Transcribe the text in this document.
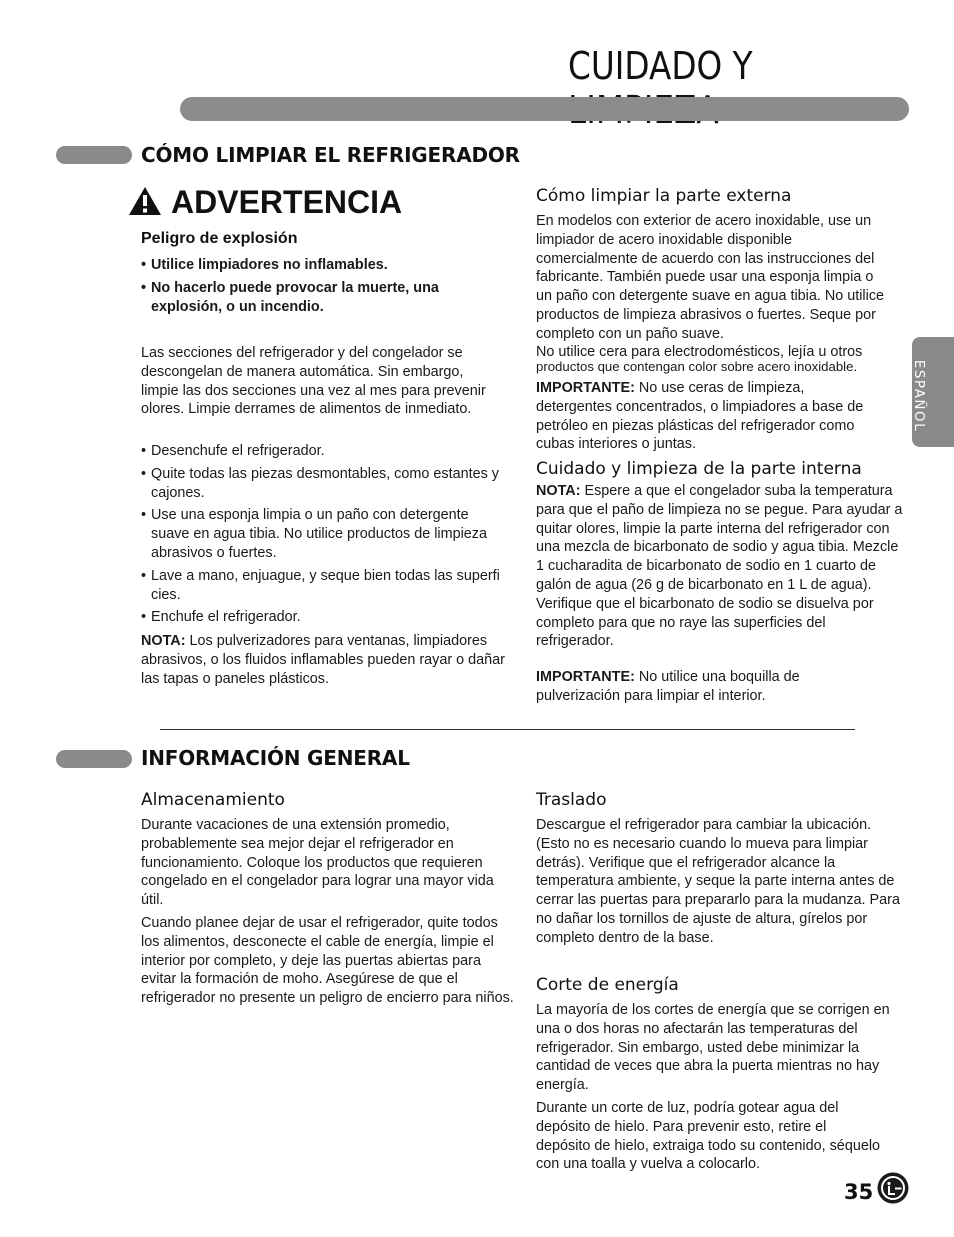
CUIDADO Y
ESPAÑOL
CÓMO LIMPIAR EL REFRIGERADOR
ADVERTENCIA
Peligro de explosión
• Utilice limpiadores no inflamables.
• No hacerlo puede provocar la muerte, una explosión, o un incendio.

Las secciones del refrigerador y del congelador se descongelan de manera automática. Sin embargo, limpie las dos secciones una vez al mes para prevenir olores. Limpie derrames de alimentos de inmediato.

• Desenchufe el refrigerador.
• Quite todas las piezas desmontables, como estantes y cajones.
• Use una esponja limpia o un paño con detergente suave en agua tibia. No utilice productos de limpieza abrasivos o fuertes.
• Lave a mano, enjuague, y seque bien todas las superfi cies.
• Enchufe el refrigerador.

NOTA: Los pulverizadores para ventanas, limpiadores abrasivos, o los fluidos inflamables pueden rayar o dañar las tapas o paneles plásticos.

Cómo limpiar la parte externa

En modelos con exterior de acero inoxidable, use un limpiador de acero inoxidable disponible comercialmente de acuerdo con las instrucciones del fabricante. También puede usar una esponja limpia o un paño con detergente suave en agua tibia. No utilice productos de limpieza abrasivos o fuertes. Seque por completo con un paño suave.

No utilice cera para electrodomésticos, lejía u otros

productos que contengan color sobre acero inoxidable.

IMPORTANTE: No use ceras de limpieza, detergentes concentrados, o limpiadores a base de petróleo en piezas plásticas del refrigerador como cubas interiores o juntas.

Cuidado y limpieza de la parte interna

NOTA: Espere a que el congelador suba la temperatura para que el paño de limpieza no se pegue. Para ayudar a quitar olores, limpie la parte interna del refrigerador con una mezcla de bicarbonato de sodio y agua tibia. Mezcle 1 cucharadita de bicarbonato de sodio en 1 cuarto de galón de agua (26 g de bicarbonato en 1 L de agua). Verifique que el bicarbonato de sodio se disuelva por completo para que no raye las superficies del refrigerador.

IMPORTANTE: No utilice una boquilla de pulverización para limpiar el interior.

INFORMACIÓN GENERAL
Almacenamiento

Durante vacaciones de una extensión promedio, probablemente sea mejor dejar el refrigerador en funcionamiento. Coloque los productos que requieren congelado en el congelador para lograr una mayor vida útil.

Cuando planee dejar de usar el refrigerador, quite todos los alimentos, desconecte el cable de energía, limpie el interior por completo, y deje las puertas abiertas para evitar la formación de moho. Asegúrese de que el refrigerador no presente un peligro de encierro para niños.

Traslado

Descargue el refrigerador para cambiar la ubicación. (Esto no es necesario cuando lo mueva para limpiar detrás). Verifique que el refrigerador alcance la temperatura ambiente, y seque la parte interna antes de cerrar las puertas para prepararlo para la mudanza. Para no dañar los tornillos de ajuste de altura, gírelos por completo dentro de la base.

Corte de energía

La mayoría de los cortes de energía que se corrigen en una o dos horas no afectarán las temperaturas del refrigerador. Sin embargo, usted debe minimizar la cantidad de veces que abra la puerta mientras no hay energía.

Durante un corte de luz, podría gotear agua del depósito de hielo. Para prevenir esto, retire el depósito de hielo, extraiga todo su contenido, séquelo con una toalla y vuelva a colocarlo.

35
